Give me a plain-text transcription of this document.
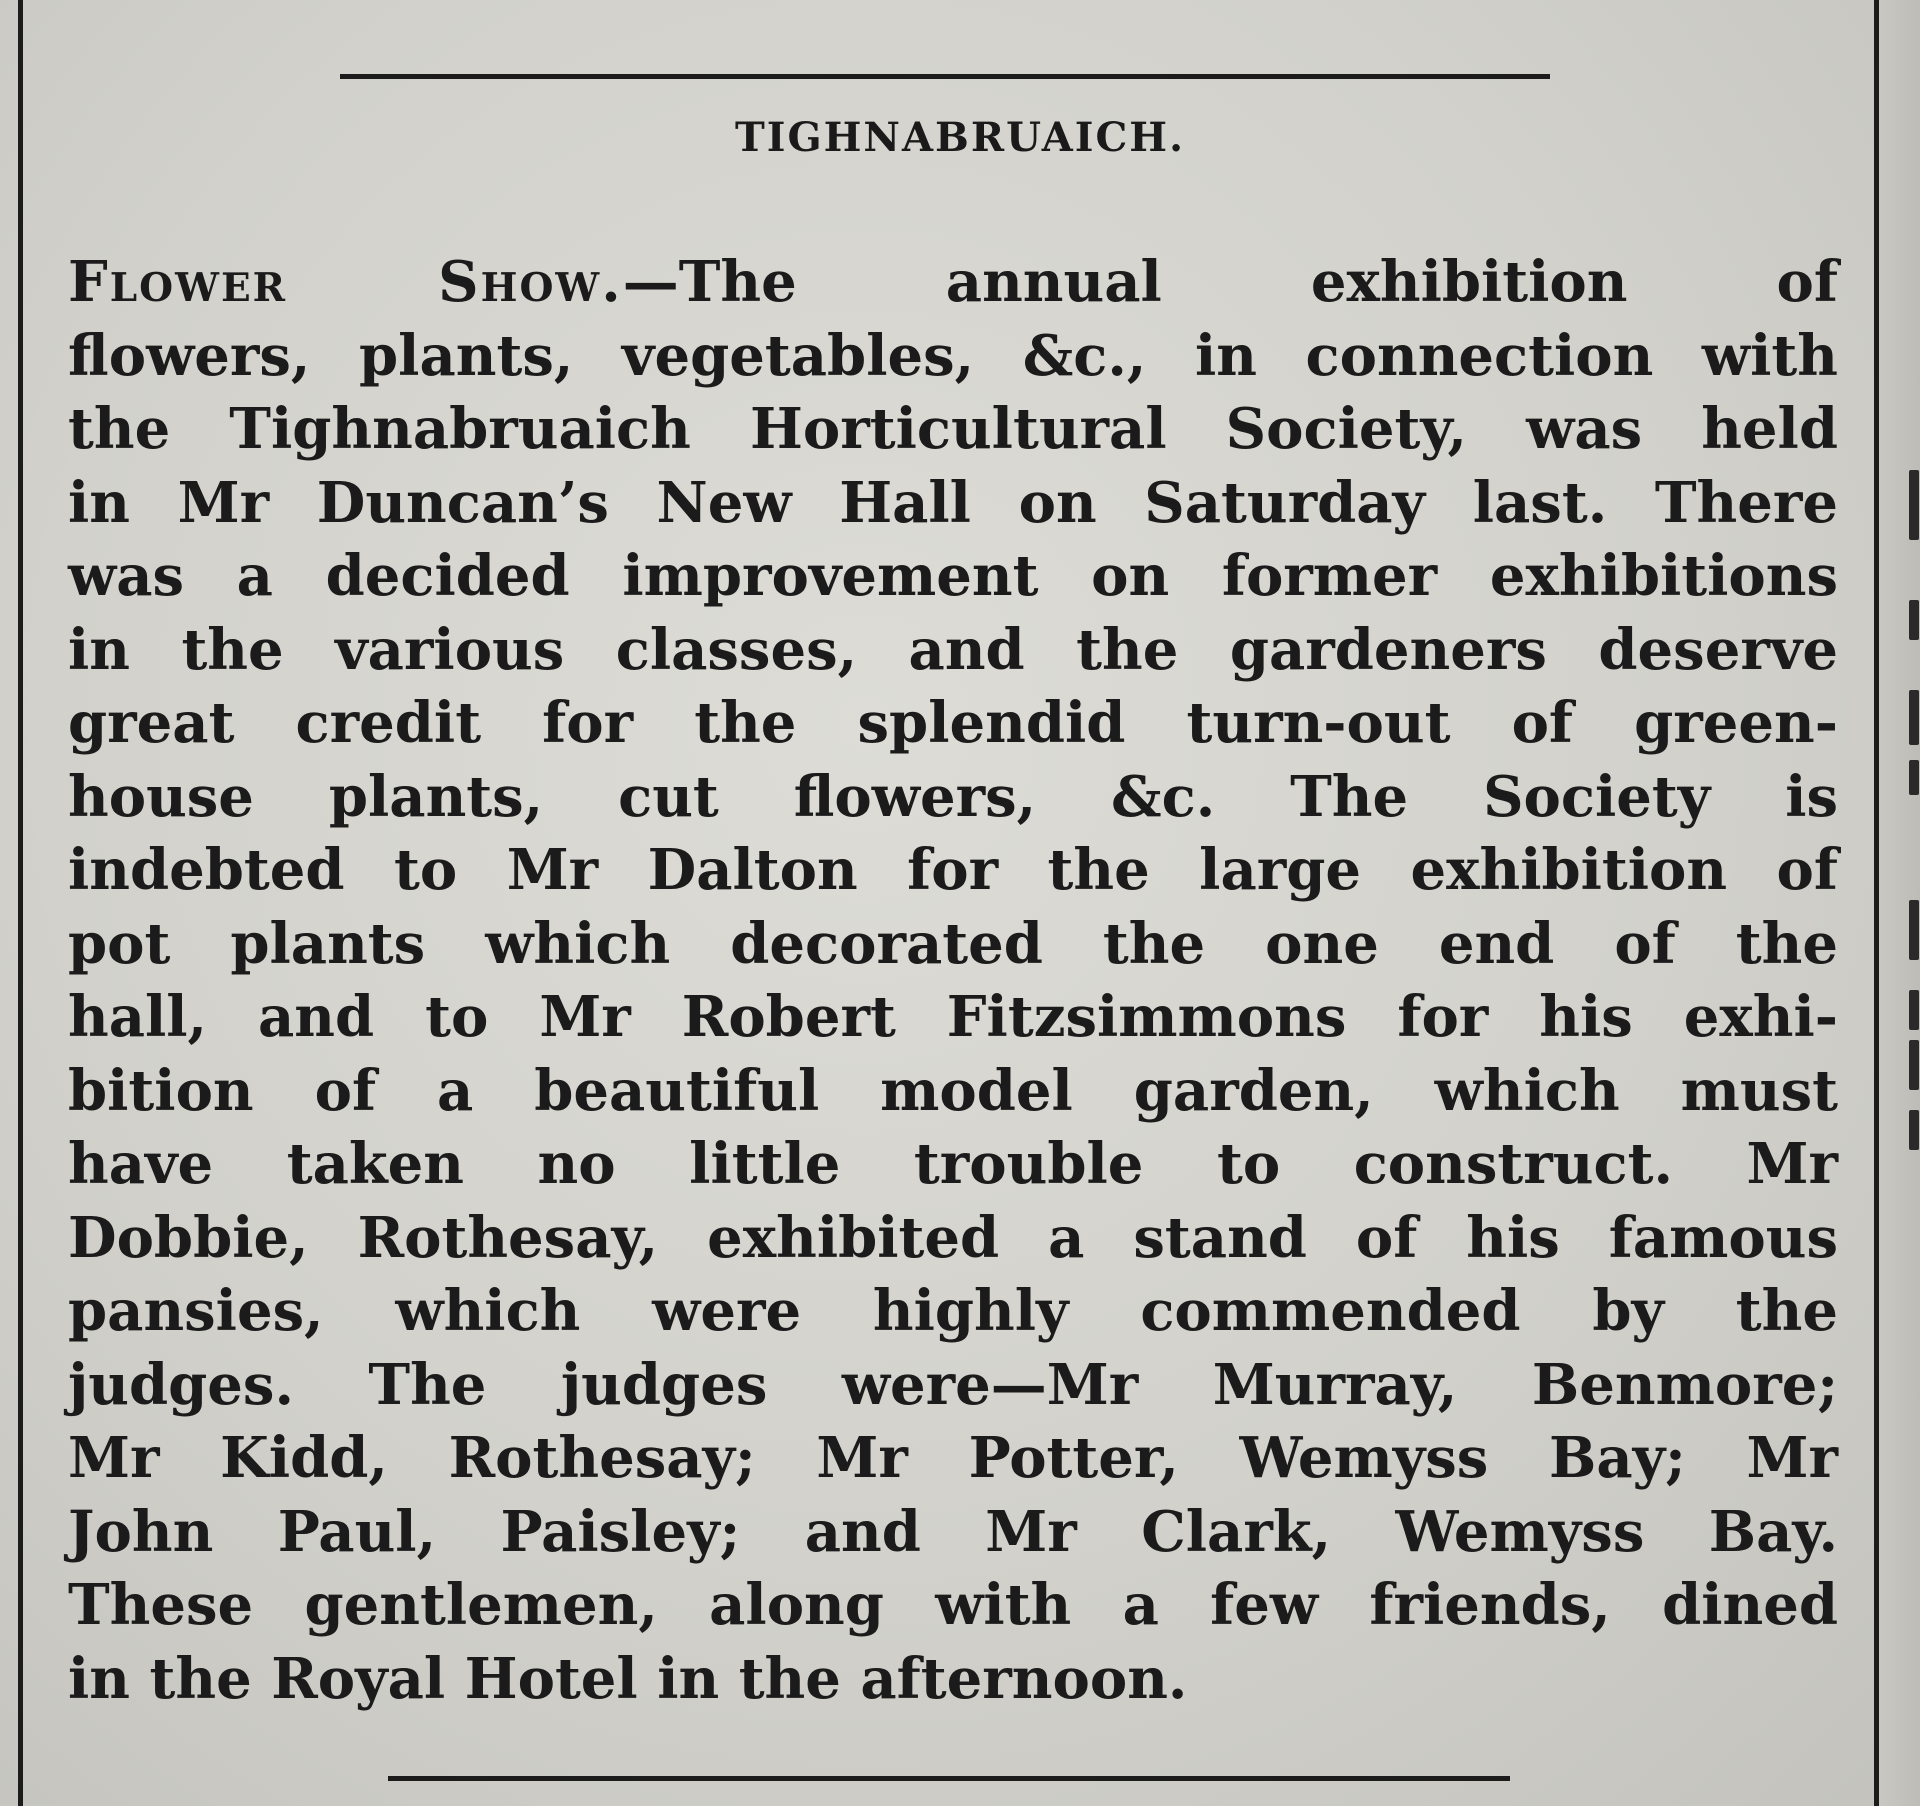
TIGHNABRUAICH.
Flower Show.—The annual exhibition of
flowers, plants, vegetables, &c., in connection with
the Tighnabruaich Horticultural Society, was held
in Mr Duncan’s New Hall on Saturday last. There
was a decided improvement on former exhibitions
in the various classes, and the gardeners deserve
great credit for the splendid turn-out of green-
house plants, cut flowers, &c. The Society is
indebted to Mr Dalton for the large exhibition of
pot plants which decorated the one end of the
hall, and to Mr Robert Fitzsimmons for his exhi-
bition of a beautiful model garden, which must
have taken no little trouble to construct. Mr
Dobbie, Rothesay, exhibited a stand of his famous
pansies, which were highly commended by the
judges. The judges were—Mr Murray, Benmore;
Mr Kidd, Rothesay; Mr Potter, Wemyss Bay; Mr
John Paul, Paisley; and Mr Clark, Wemyss Bay.
These gentlemen, along with a few friends, dined
in the Royal Hotel in the afternoon.
